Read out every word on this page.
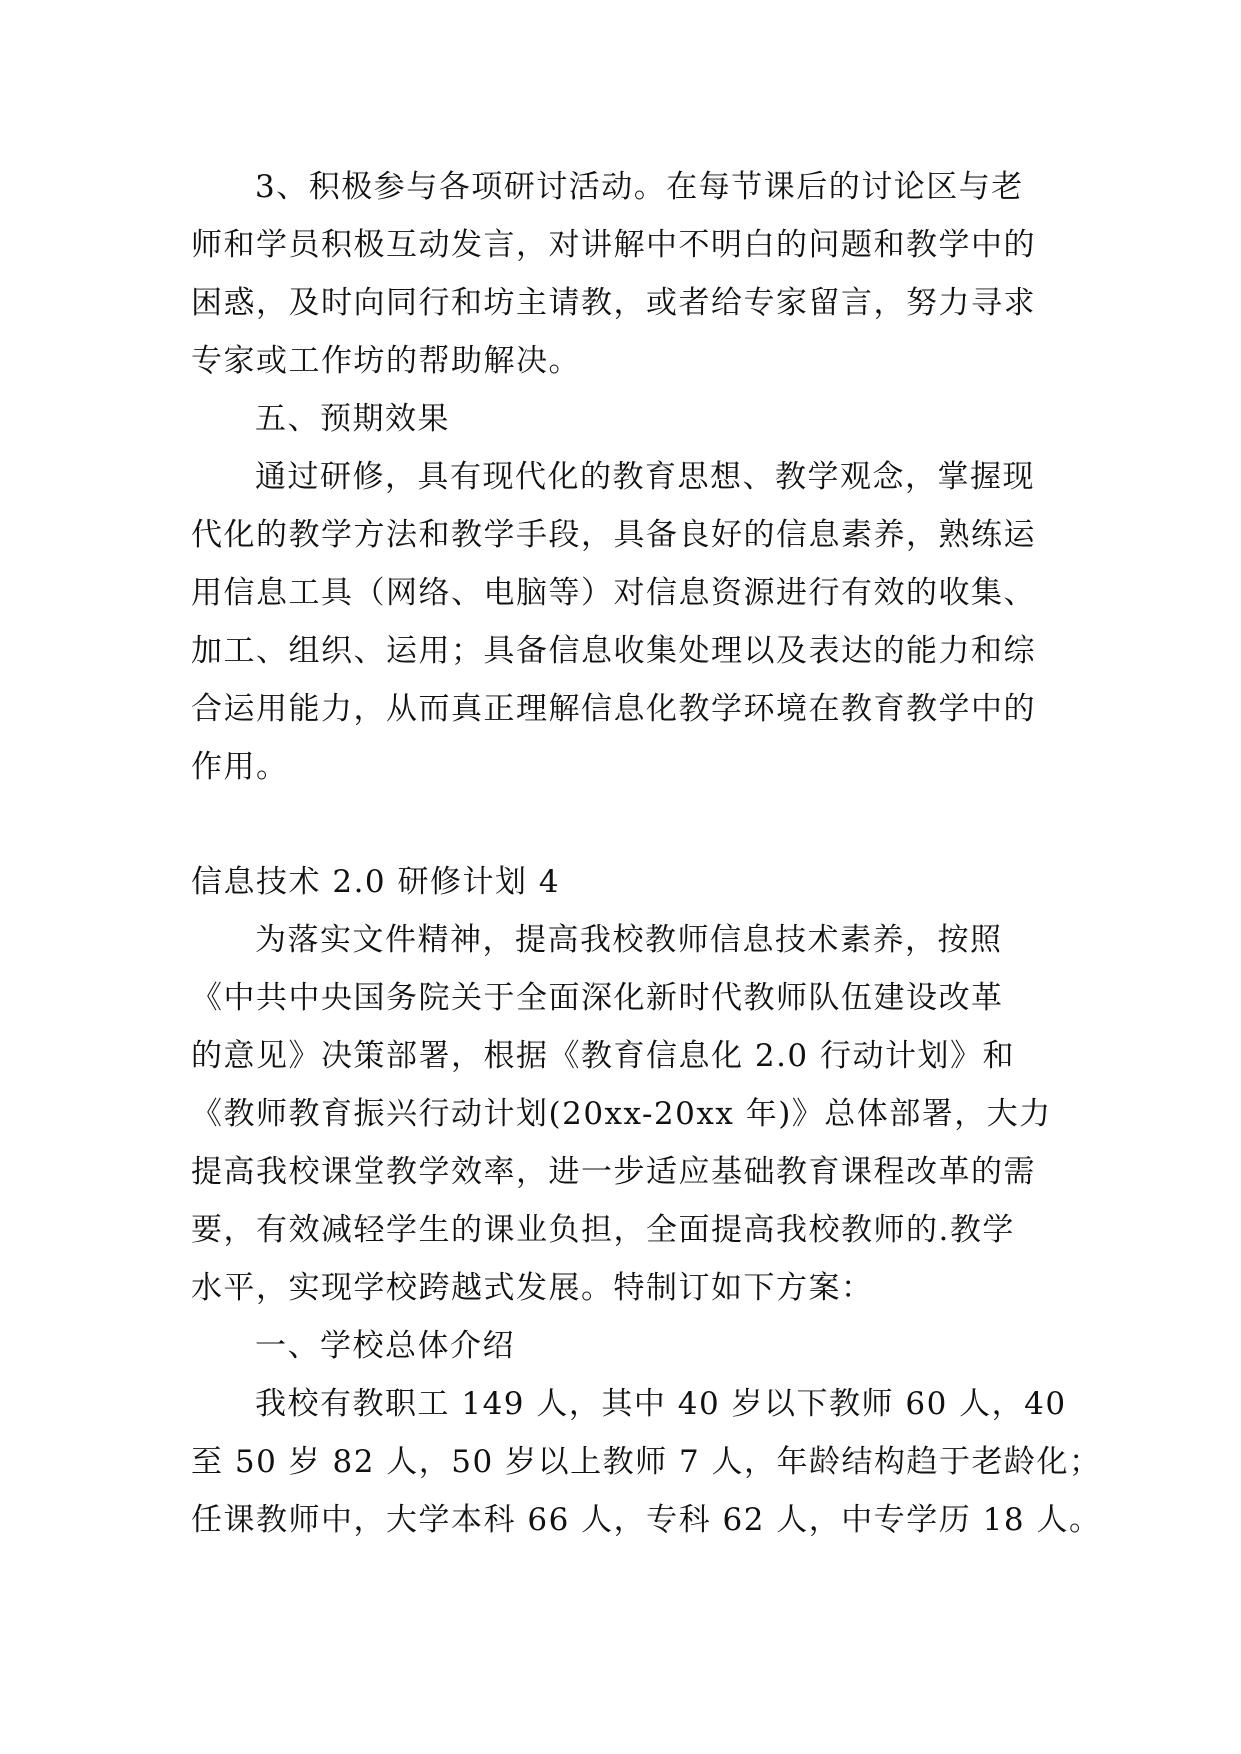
3、积极参与各项研讨活动。在每节课后的讨论区与老
师和学员积极互动发言，对讲解中不明白的问题和教学中的
困惑，及时向同行和坊主请教，或者给专家留言，努力寻求
专家或工作坊的帮助解决。
五、预期效果
通过研修，具有现代化的教育思想、教学观念，掌握现
代化的教学方法和教学手段，具备良好的信息素养，熟练运
用信息工具（网络、电脑等）对信息资源进行有效的收集、
加工、组织、运用；具备信息收集处理以及表达的能力和综
合运用能力，从而真正理解信息化教学环境在教育教学中的
作用。
信息技术 2.0 研修计划 4
为落实文件精神，提高我校教师信息技术素养，按照
《中共中央国务院关于全面深化新时代教师队伍建设改革
的意见》决策部署，根据《教育信息化 2.0 行动计划》和
《教师教育振兴行动计划(20xx-20xx 年)》总体部署，大力
提高我校课堂教学效率，进一步适应基础教育课程改革的需
要，有效减轻学生的课业负担，全面提高我校教师的.教学
水平，实现学校跨越式发展。特制订如下方案：
一、学校总体介绍
我校有教职工 149 人，其中 40 岁以下教师 60 人，40
至 50 岁 82 人，50 岁以上教师 7 人，年龄结构趋于老龄化；
任课教师中，大学本科 66 人，专科 62 人，中专学历 18 人。
